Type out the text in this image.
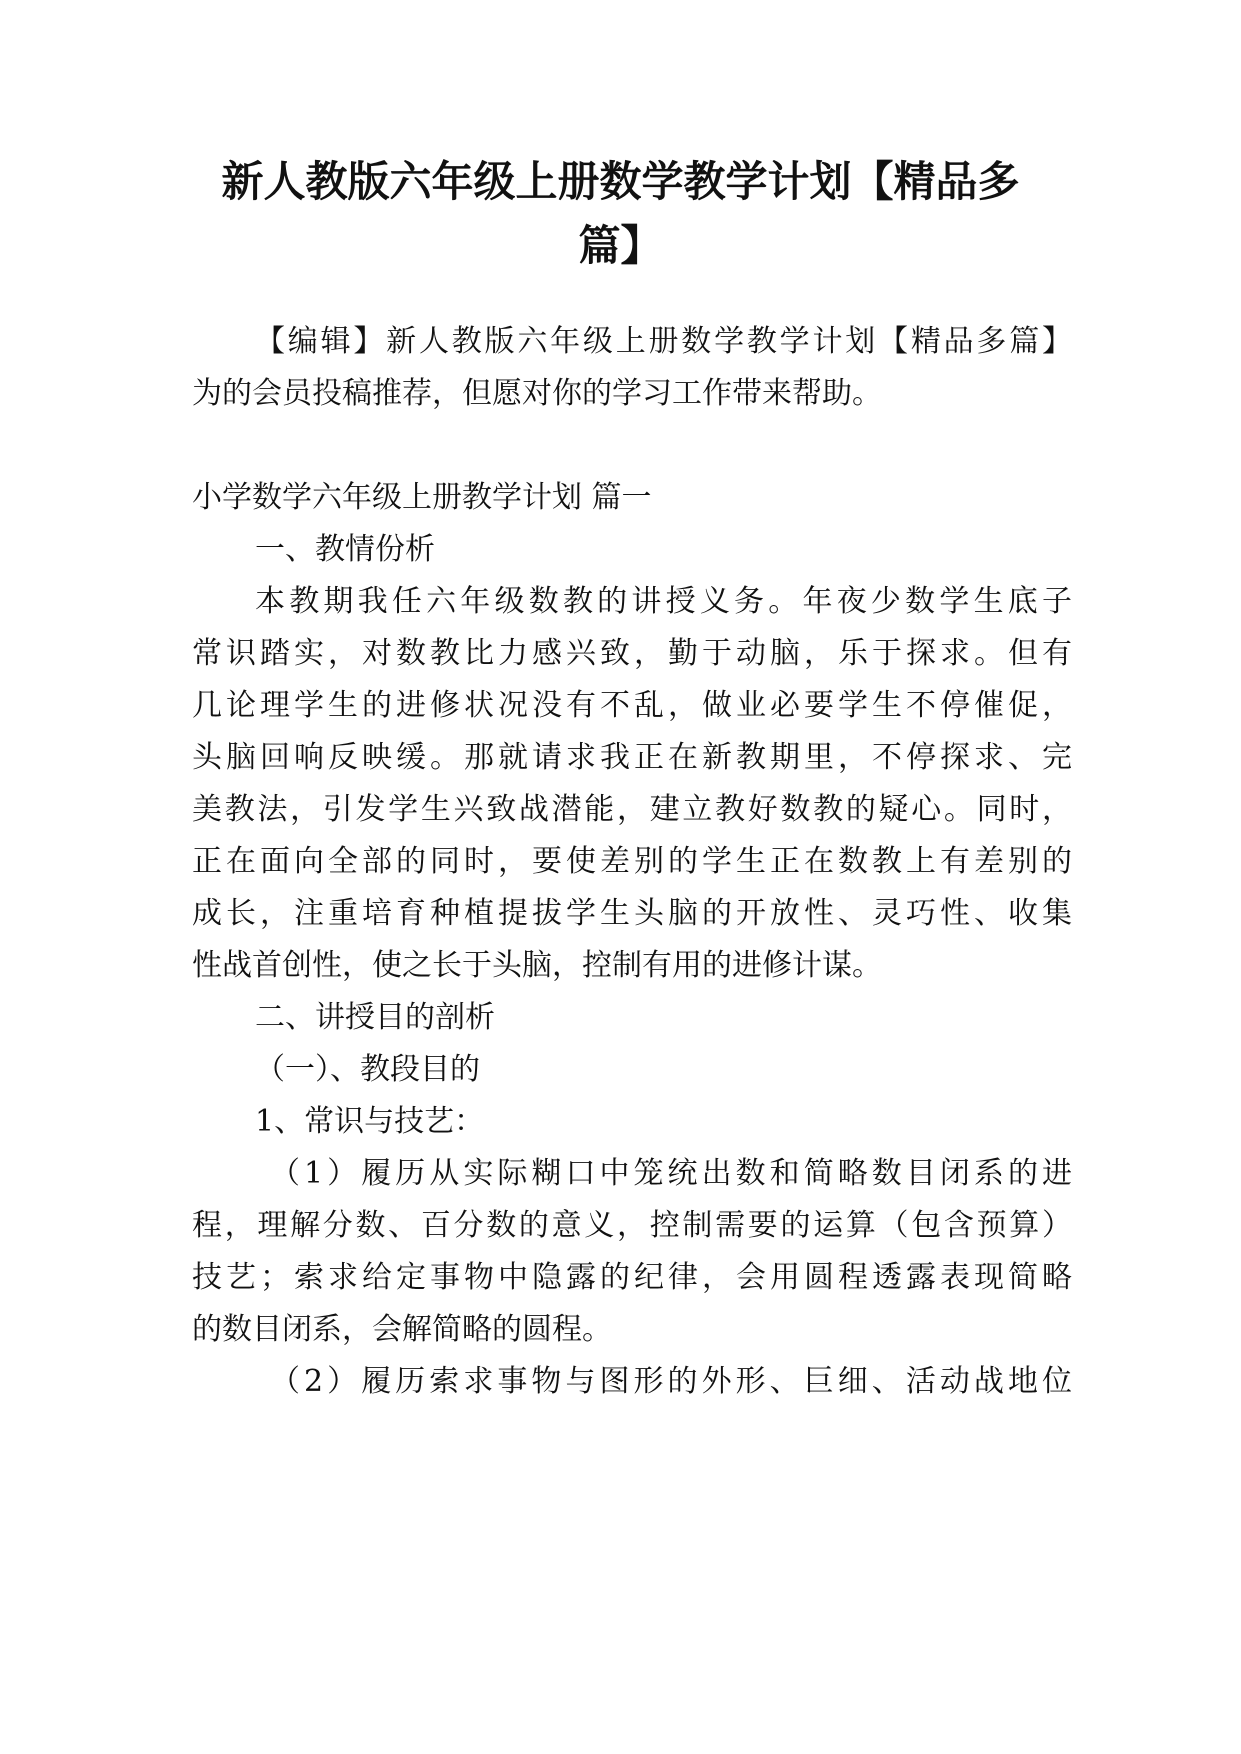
新人教版六年级上册数学教学计划【精品多
篇】

【编辑】新人教版六年级上册数学教学计划【精品多篇】

为的会员投稿推荐，但愿对你的学习工作带来帮助。

小学数学六年级上册教学计划 篇一

一、教情份析

本教期我任六年级数教的讲授义务。年夜少数学生底子

常识踏实，对数教比力感兴致，勤于动脑，乐于探求。但有

几论理学生的进修状况没有不乱，做业必要学生不停催促，

头脑回响反映缓。那就请求我正在新教期里，不停探求、完

美教法，引发学生兴致战潜能，建立教好数教的疑心。同时，

正在面向全部的同时，要使差别的学生正在数教上有差别的

成长，注重培育种植提拔学生头脑的开放性、灵巧性、收集

性战首创性，使之长于头脑，控制有用的进修计谋。

二、讲授目的剖析

（一）、教段目的

1、常识与技艺：

（1）履历从实际糊口中笼统出数和简略数目闭系的进

程，理解分数、百分数的意义，控制需要的运算（包含预算）

技艺；索求给定事物中隐露的纪律，会用圆程透露表现简略

的数目闭系，会解简略的圆程。

（2）履历索求事物与图形的外形、巨细、活动战地位
